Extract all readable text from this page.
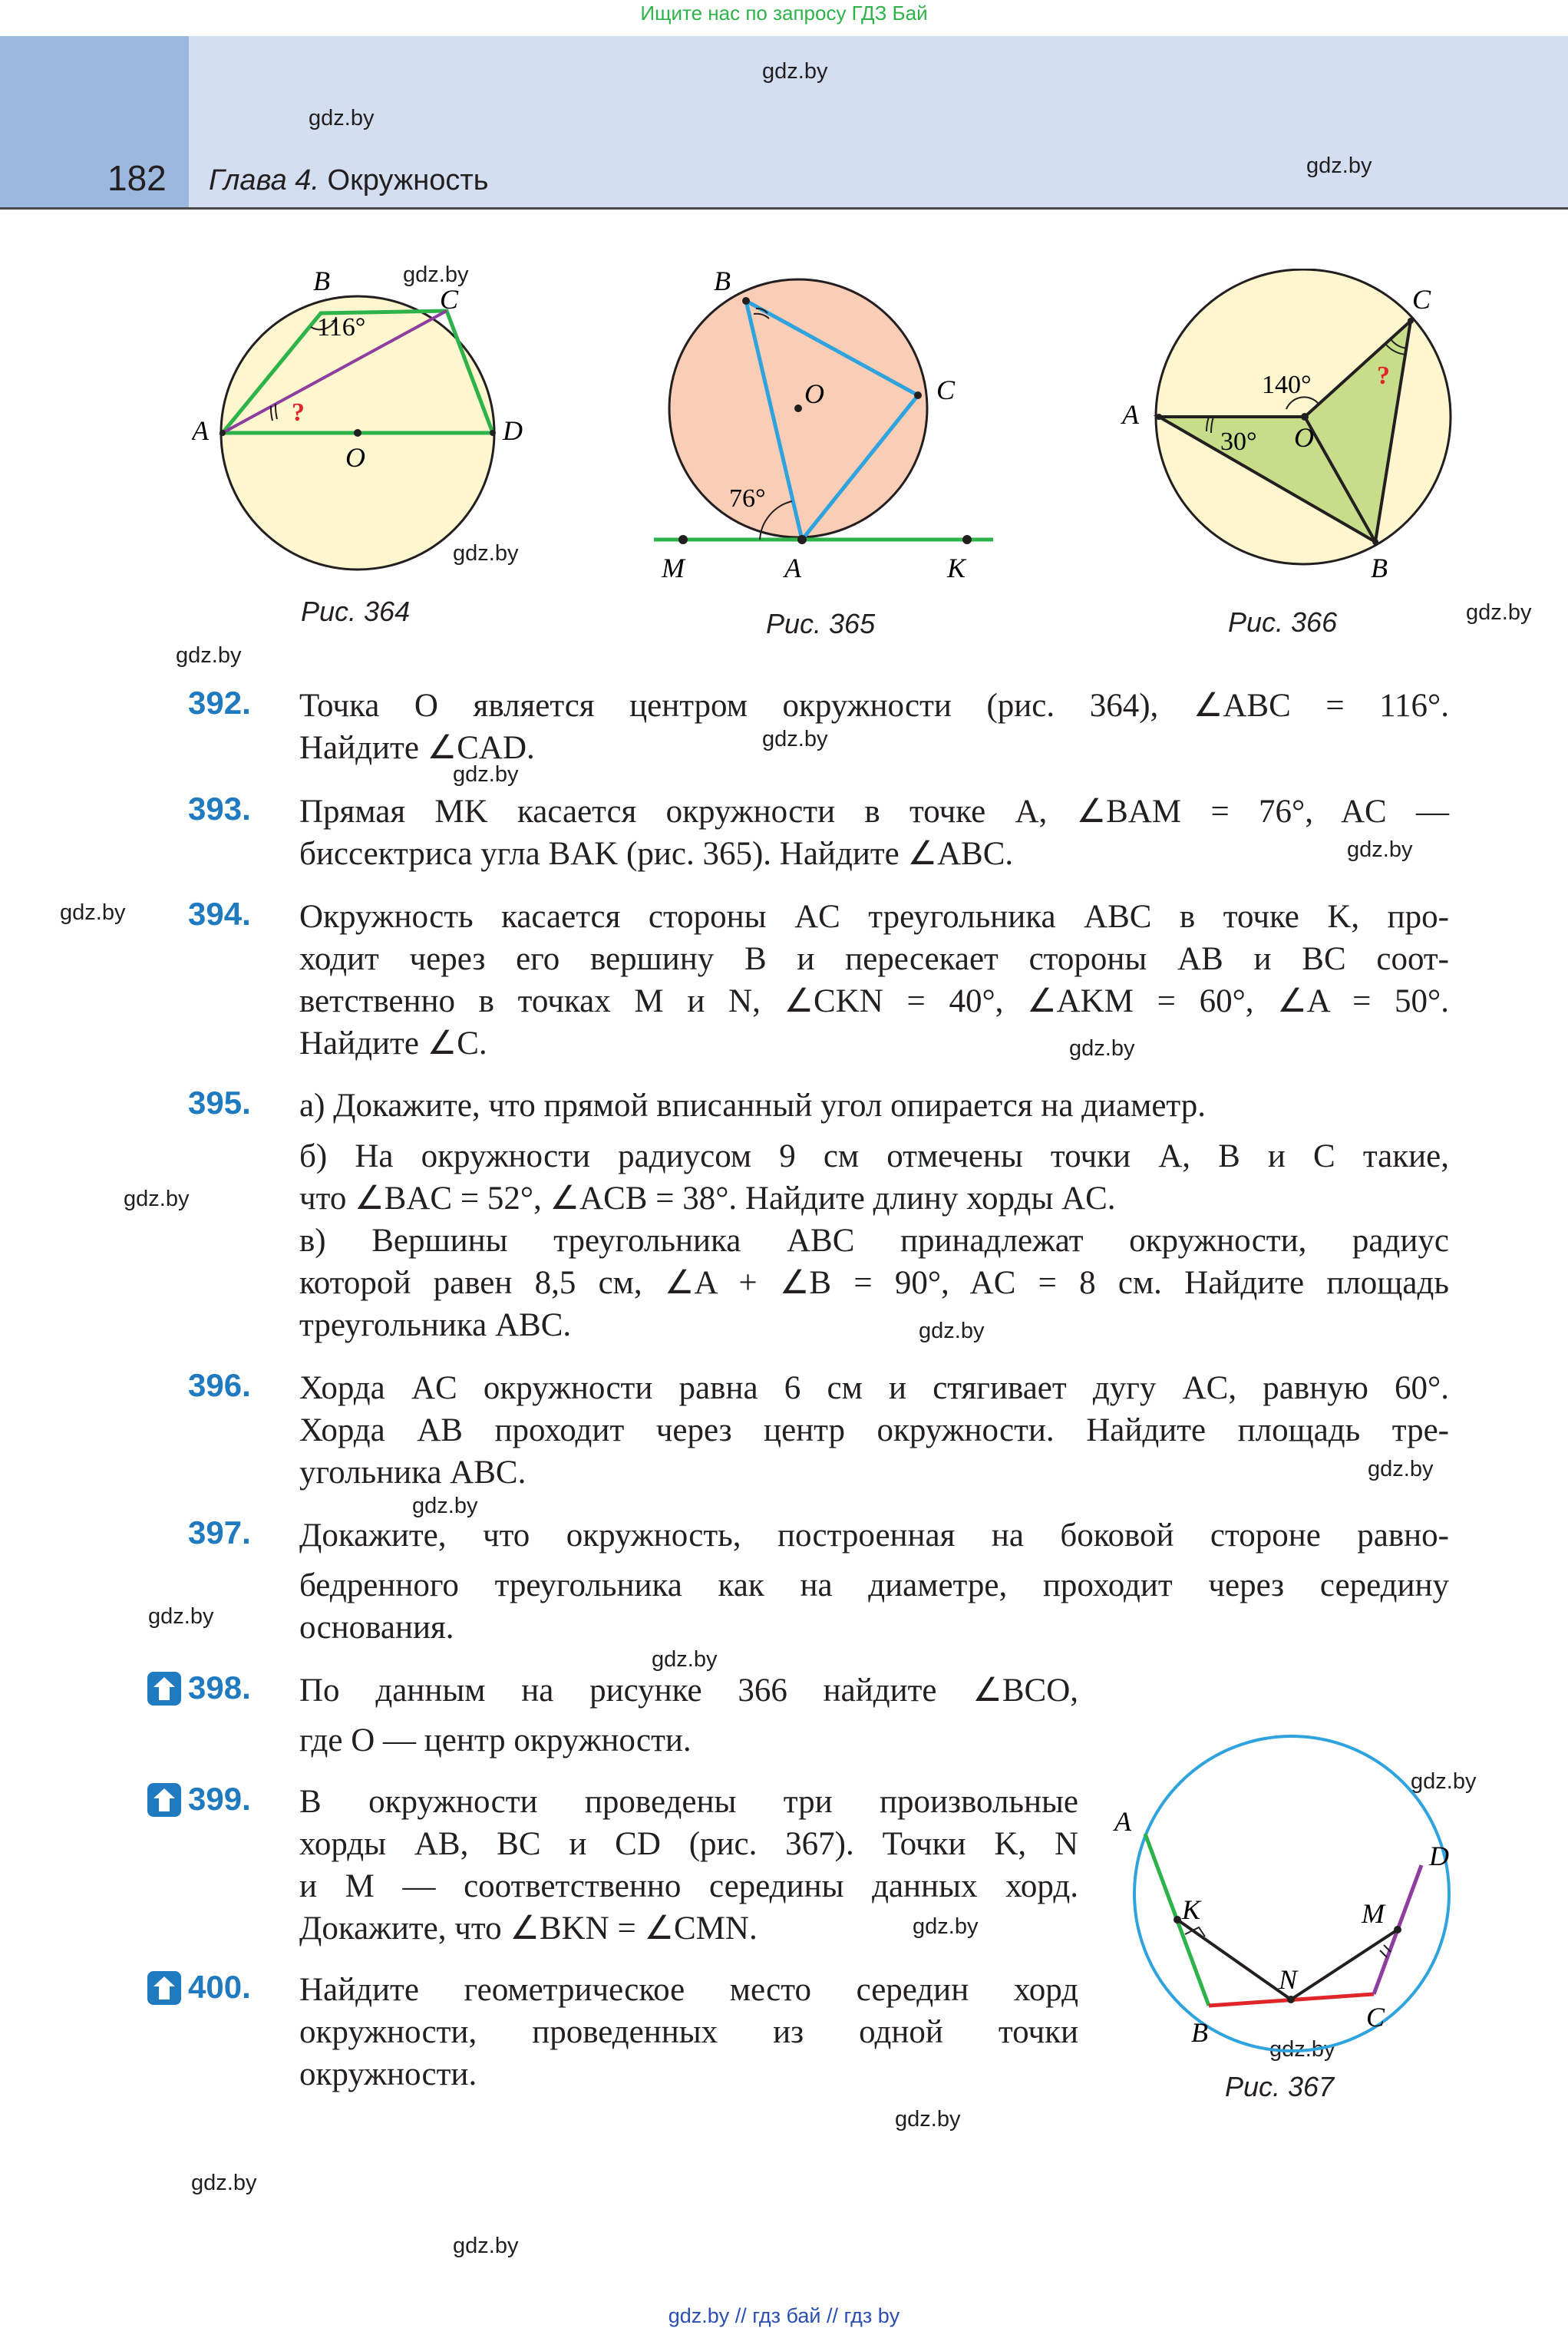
Ищите нас по запросу ГДЗ Бай
182 Глава 4. Окружность
gdz.by
gdz.by
gdz.by
gdz.by
gdz.by
gdz.by
gdz.by
gdz.by
gdz.by
gdz.by
gdz.by
gdz.by
gdz.by
gdz.by
gdz.by
gdz.by
gdz.by
gdz.by
gdz.by
gdz.by
gdz.by
gdz.by
gdz.by
gdz.by
116°
?
A
B
C
D
O
Рис. 364
76°
B
C
O
M	A	K
Рис. 365
140°
30°
?
A
C
O
B
Рис. 366
392. Точка O является центром окружности (рис. 364), ∠ABC = 116°.
Найдите ∠CAD.
393. Прямая MK касается окружности в точке A, ∠BAM = 76°, AC —
биссектриса угла BAK (рис. 365). Найдите ∠ABC.
394. Окружность касается стороны AC треугольника ABC в точке K, про-
ходит через его вершину B и пересекает стороны AB и BC соот-
ветственно в точках M и N, ∠CKN = 40°, ∠AKM = 60°, ∠A = 50°.
Найдите ∠C.
395. а) Докажите, что прямой вписанный угол опирается на диаметр.
б) На окружности радиусом 9 см отмечены точки A, B и C такие,
что ∠BAC = 52°, ∠ACB = 38°. Найдите длину хорды AC.
в) Вершины треугольника ABC принадлежат окружности, радиус
которой равен 8,5 см, ∠A + ∠B = 90°, AC = 8 см. Найдите площадь
треугольника ABC.
396. Хорда AC окружности равна 6 см и стягивает дугу AC, равную 60°.
Хорда AB проходит через центр окружности. Найдите площадь тре-
угольника ABC.
397. Докажите, что окружность, построенная на боковой стороне равно-
бедренного треугольника как на диаметре, проходит через середину
основания.
398. По данным на рисунке 366 найдите ∠BCO,
где O — центр окружности.
399. В окружности проведены три произвольные
хорды AB, BC и CD (рис. 367). Точки K, N
и M — соответственно середины данных хорд.
Докажите, что ∠BKN = ∠CMN.
400. Найдите геометрическое место середин хорд
окружности, проведенных из одной точки
окружности.
A
K
N
M
D
B	C
Рис. 367
gdz.by // гдз бай // гдз by
